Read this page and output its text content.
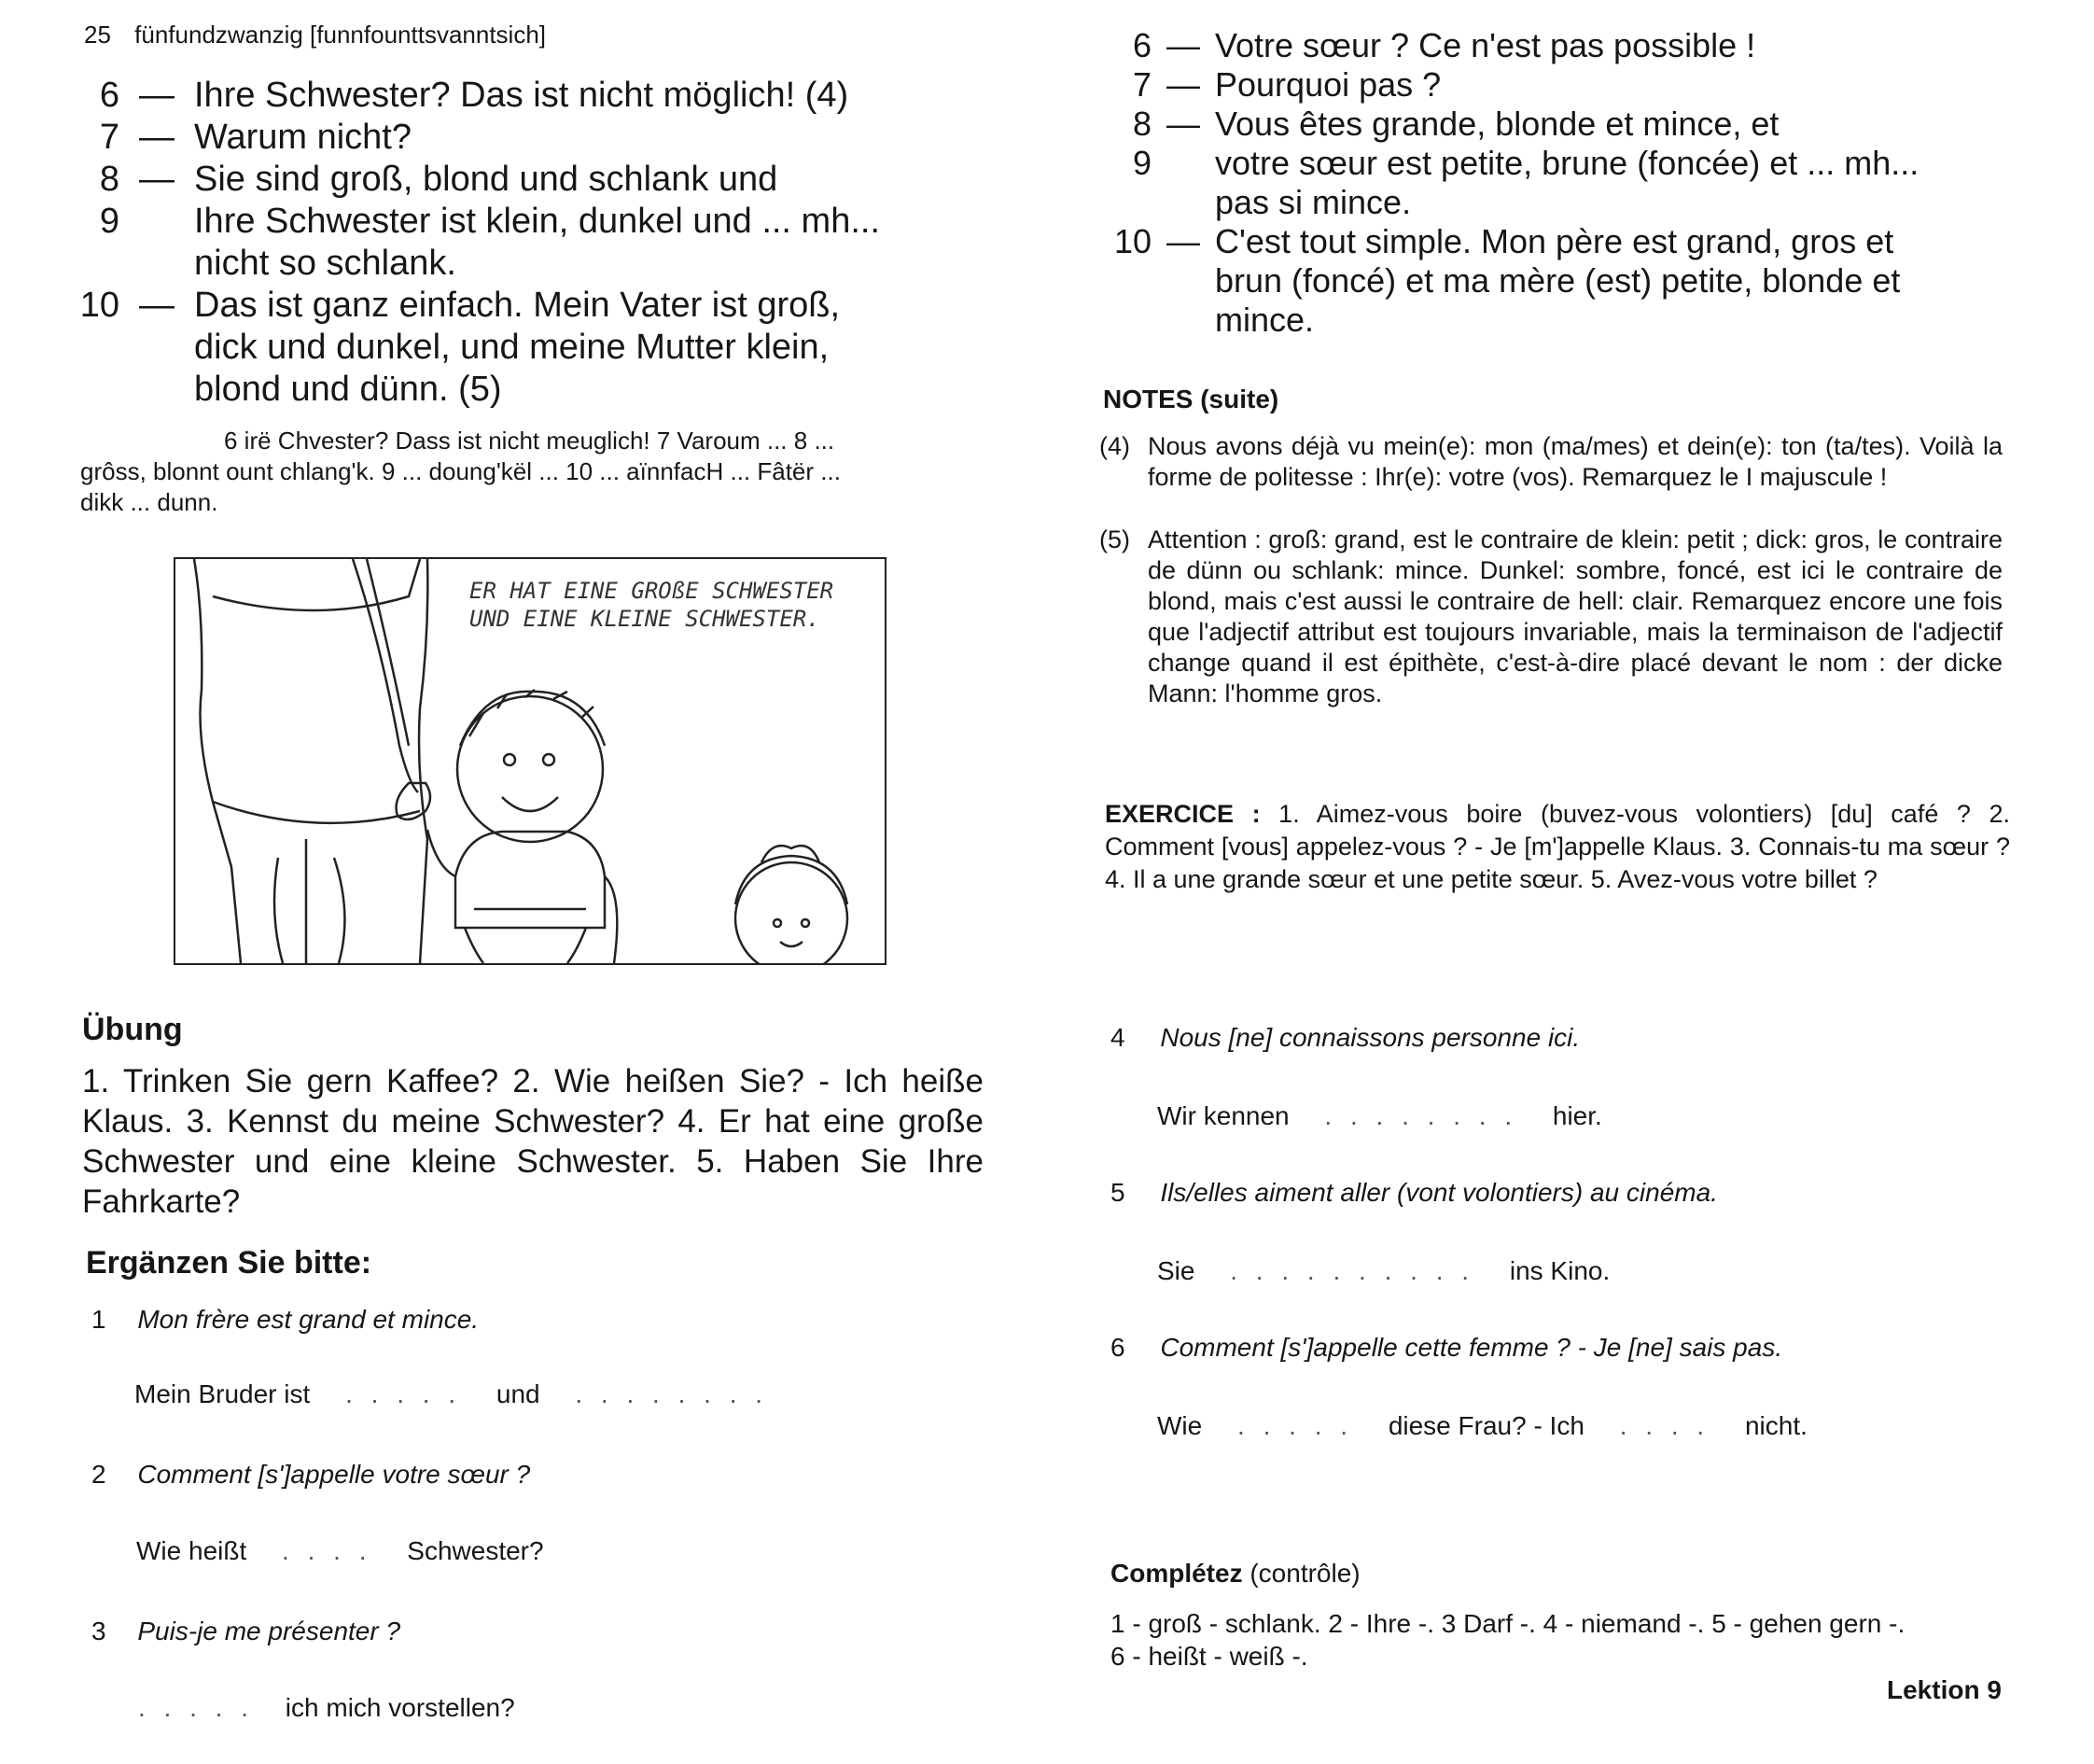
25 fünfundzwanzig [funnfounttsvanntsich]
6 — Ihre Schwester? Das ist nicht möglich! (4)
7 — Warum nicht?
8 — Sie sind groß, blond und schlank und
9 Ihre Schwester ist klein, dunkel und ... mh...
nicht so schlank.
10 — Das ist ganz einfach. Mein Vater ist groß,
dick und dunkel, und meine Mutter klein,
blond und dünn. (5)
6 irë Chvester? Dass ist nicht meuglich! 7 Varoum ... 8 ...
grôss, blonnt ount chlang'k. 9 ... doung'kël ... 10 ... aïnnfacH ... Fâtër ...
dikk ... dunn.
ER HAT EINE GROßE SCHWESTER
UND EINE KLEINE SCHWESTER.
Übung
1. Trinken Sie gern Kaffee? 2. Wie heißen Sie? - Ich heiße Klaus. 3. Kennst du meine Schwester? 4. Er hat eine große Schwester und eine kleine Schwester. 5. Haben Sie Ihre Fahrkarte?
Ergänzen Sie bitte:
1 Mon frère est grand et mince.
Mein Bruder ist . . . . . und . . . . . . . .
2 Comment [s']appelle votre sœur ?
Wie heißt . . . . Schwester?
3 Puis-je me présenter ?
. . . . . ich mich vorstellen?
6 — Votre sœur ? Ce n'est pas possible !
7 — Pourquoi pas ?
8 — Vous êtes grande, blonde et mince, et
9 votre sœur est petite, brune (foncée) et ... mh...
pas si mince.
10 — C'est tout simple. Mon père est grand, gros et
brun (foncé) et ma mère (est) petite, blonde et
mince.
NOTES (suite)
(4) Nous avons déjà vu mein(e): mon (ma/mes) et dein(e): ton (ta/tes). Voilà la forme de politesse : Ihr(e): votre (vos). Remarquez le I majuscule !
(5) Attention : groß: grand, est le contraire de klein: petit ; dick: gros, le contraire de dünn ou schlank: mince. Dunkel: sombre, foncé, est ici le contraire de blond, mais c'est aussi le contraire de hell: clair. Remarquez encore une fois que l'adjectif attribut est toujours invariable, mais la terminaison de l'adjectif change quand il est épithète, c'est-à-dire placé devant le nom : der dicke Mann: l'homme gros.
EXERCICE : 1. Aimez-vous boire (buvez-vous volontiers) [du] café ? 2. Comment [vous] appelez-vous ? - Je [m']appelle Klaus. 3. Connais-tu ma sœur ? 4. Il a une grande sœur et une petite sœur. 5. Avez-vous votre billet ?
4 Nous [ne] connaissons personne ici.
Wir kennen . . . . . . . . hier.
5 Ils/elles aiment aller (vont volontiers) au cinéma.
Sie . . . . . . . . . . ins Kino.
6 Comment [s']appelle cette femme ? - Je [ne] sais pas.
Wie . . . . . diese Frau? - Ich . . . . nicht.
Complétez (contrôle)
1 - groß - schlank. 2 - Ihre -. 3 Darf -. 4 - niemand -. 5 - gehen gern -.
6 - heißt - weiß -.
Lektion 9
